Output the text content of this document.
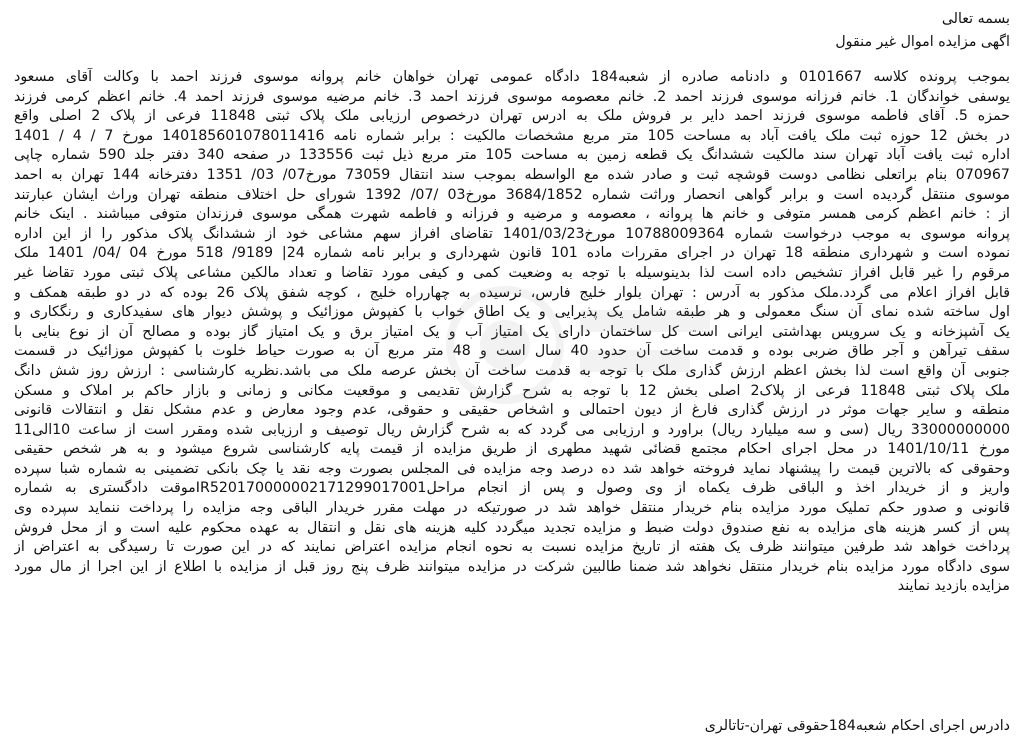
بسمه تعالی
اگهی مزایده اموال غیر منقول
بموجب پرونده کلاسه 0101667 و دادنامه صادره از شعبه184 دادگاه عمومی تهران خواهان خانم پروانه موسوی فرزند احمد با وکالت آقای مسعود
یوسفی خواندگان 1. خانم فرزانه موسوی فرزند احمد 2. خانم معصومه موسوی فرزند احمد 3. خانم مرضیه موسوی فرزند احمد 4. خانم اعظم کرمی فرزند
حمزه 5. آقای فاطمه موسوی فرزند احمد دایر بر فروش ملک به ادرس تهران درخصوص ارزیابی ملک پلاک ثبتی 11848 فرعی از پلاک 2 اصلی واقع
در بخش 12 حوزه ثبت ملک یافت آباد به مساحت 105 متر مربع مشخصات مالکیت : برابر شماره نامه 14018560107801141​6 مورخ 7 / 4 / 1401
اداره ثبت یافت آباد تهران سند مالکیت ششدانگ یک قطعه زمین به مساحت 105 متر مربع ذیل ثبت 133556 در صفحه 340 دفتر جلد 590 شماره چاپی
070967 بنام براتعلی نظامی دوست قوشچه ثبت و صادر شده مع الواسطه بموجب سند انتقال 73059 مورخ07/ 03/ 1351 دفترخانه 144 تهران به احمد
موسوی منتقل گردیده است و برابر گواهی انحصار وراثت شماره 3684/1852 مورخ03 /07/ 1392 شورای حل اختلاف منطقه تهران وراث ایشان عبارتند
از : خانم اعظم کرمی همسر متوفی و خانم ها پروانه ، معصومه و مرضیه و فرزانه و فاطمه شهرت همگی موسوی فرزندان متوفی میباشند . اینک خانم
پروانه موسوی به موجب درخواست شماره 10788009364 مورخ1401/03/23 تقاضای افراز سهم مشاعی خود از ششدانگ پلاک مذکور را از این اداره
نموده است و شهرداری منطقه 18 تهران در اجرای مقررات ماده 101 قانون شهرداری و برابر نامه شماره 24| 9189/ 518 مورخ 04 /04/ 1401 ملک
مرقوم را غیر قابل افراز تشخیص داده است لذا بدینوسیله با توجه به وضعیت کمی و کیفی مورد تقاضا و تعداد مالکین مشاعی پلاک ثبتی مورد تقاضا غیر
قابل افراز اعلام می گردد.ملک مذکور به آدرس : تهران بلوار خلیج فارس، نرسیده به چهارراه خلیج ، کوچه شفق پلاک 26 بوده که در دو طبقه همکف و
اول ساخته شده نمای آن سنگ معمولی و هر طبقه شامل یک پذیرایی و یک اطاق خواب با کفپوش موزائیک و پوشش دیوار های سفیدکاری و رنگکاری و
یک آشپزخانه و یک سرویس بهداشتی ایرانی است کل ساختمان دارای یک امتیاز آب و یک امتیاز برق و یک امتیاز گاز بوده و مصالح آن از نوع بنایی با
سقف تیرآهن و آجر طاق ضربی بوده و قدمت ساخت آن حدود 40 سال است و 48 متر مربع آن به صورت حیاط خلوت با کفپوش موزائیک در قسمت
جنوبی آن واقع است لذا بخش اعظم ارزش گذاری ملک با توجه به قدمت ساخت آن بخش عرصه ملک می باشد.نظریه کارشناسی : ارزش روز شش دانگ
ملک پلاک ثبتی 11848 فرعی از پلاک2 اصلی بخش 12 با توجه به شرح گزارش تقدیمی و موقعیت مکانی و زمانی و بازار حاکم بر املاک و مسکن
منطقه و سایر جهات موثر در ارزش گذاری فارغ از دیون احتمالی و اشخاص حقیقی و حقوقی، عدم وجود معارض و عدم مشکل نقل و انتقالات قانونی
33000000000 ریال (سی و سه میلیارد ریال) براورد و ارزیابی می گردد که به شرح گزارش ریال توصیف و ارزیابی شده ومقرر است از ساعت 10الی11
مورخ 1401/10/11 در محل اجرای احکام مجتمع قضائی شهید مطهری از طریق مزایده از قیمت پایه کارشناسی شروع میشود و به هر شخص حقیقی
وحقوقی که بالاترین قیمت را پیشنهاد نماید فروخته خواهد شد ده درصد وجه مزایده فی المجلس بصورت وجه نقد یا چک بانکی تضمینی به شماره شبا سپرده
واریز و از خریدار اخذ و الباقی ظرف یکماه از وی وصول و پس از انجام مراحلIR520170000002171299017001موقت دادگستری به شماره
قانونی و صدور حکم تملیک مورد مزایده بنام خریدار منتقل خواهد شد در صورتیکه در مهلت مقرر خریدار الباقی وجه مزایده را پرداخت ننماید سپرده وی
پس از کسر هزینه های مزایده به نفع صندوق دولت ضبط و مزایده تجدید میگردد کلیه هزینه های نقل و انتقال به عهده محکوم علیه است و از محل فروش
پرداخت خواهد شد طرفین میتوانند ظرف یک هفته از تاریخ مزایده نسبت به نحوه انجام مزایده اعتراض نمایند که در این صورت تا رسیدگی به اعتراض از
سوی دادگاه مورد مزایده بنام خریدار منتقل نخواهد شد ضمنا طالبین شرکت در مزایده میتوانند ظرف پنج روز قبل از مزایده با اطلاع از این اجرا از مال مورد
مزایده بازدید نمایند
دادرس اجرای احکام شعبه184حقوقی تهران-تاتالری
